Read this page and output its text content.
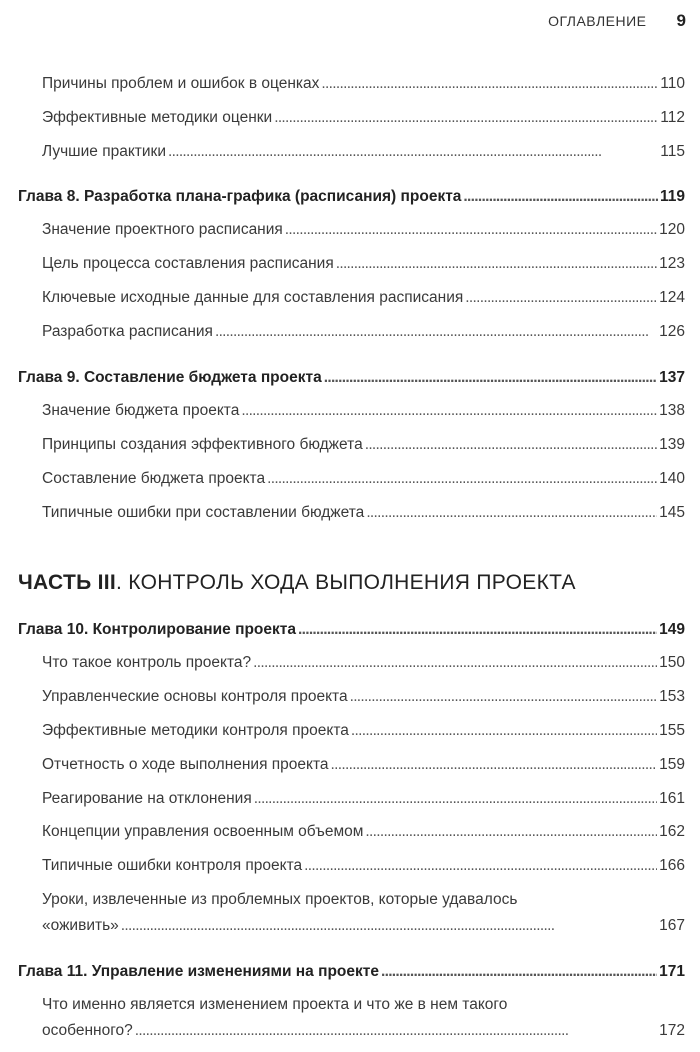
ОГЛАВЛЕНИЕ 9
Причины проблем и ошибок в оценках . . .	110
Эффективные методики оценки . . .	112
Лучшие практики . . .	115
Глава 8. Разработка плана-графика (расписания) проекта . . .	119
Значение проектного расписания . . .	120
Цель процесса составления расписания . . .	123
Ключевые исходные данные для составления расписания . . .	124
Разработка расписания . . .	126
Глава 9. Составление бюджета проекта . . .	137
Значение бюджета проекта . . .	138
Принципы создания эффективного бюджета . . .	139
Составление бюджета проекта . . .	140
Типичные ошибки при составлении бюджета . . .	145
ЧАСТЬ III. КОНТРОЛЬ ХОДА ВЫПОЛНЕНИЯ ПРОЕКТА
Глава 10. Контролирование проекта . . .	149
Что такое контроль проекта? . . .	150
Управленческие основы контроля проекта . . .	153
Эффективные методики контроля проекта . . .	155
Отчетность о ходе выполнения проекта . . .	159
Реагирование на отклонения . . .	161
Концепции управления освоенным объемом . . .	162
Типичные ошибки контроля проекта . . .	166
Уроки, извлеченные из проблемных проектов, которые удавалось
«оживить» . . .	167
Глава 11. Управление изменениями на проекте . . .	171
Что именно является изменением проекта и что же в нем такого
особенного? . . .	172
